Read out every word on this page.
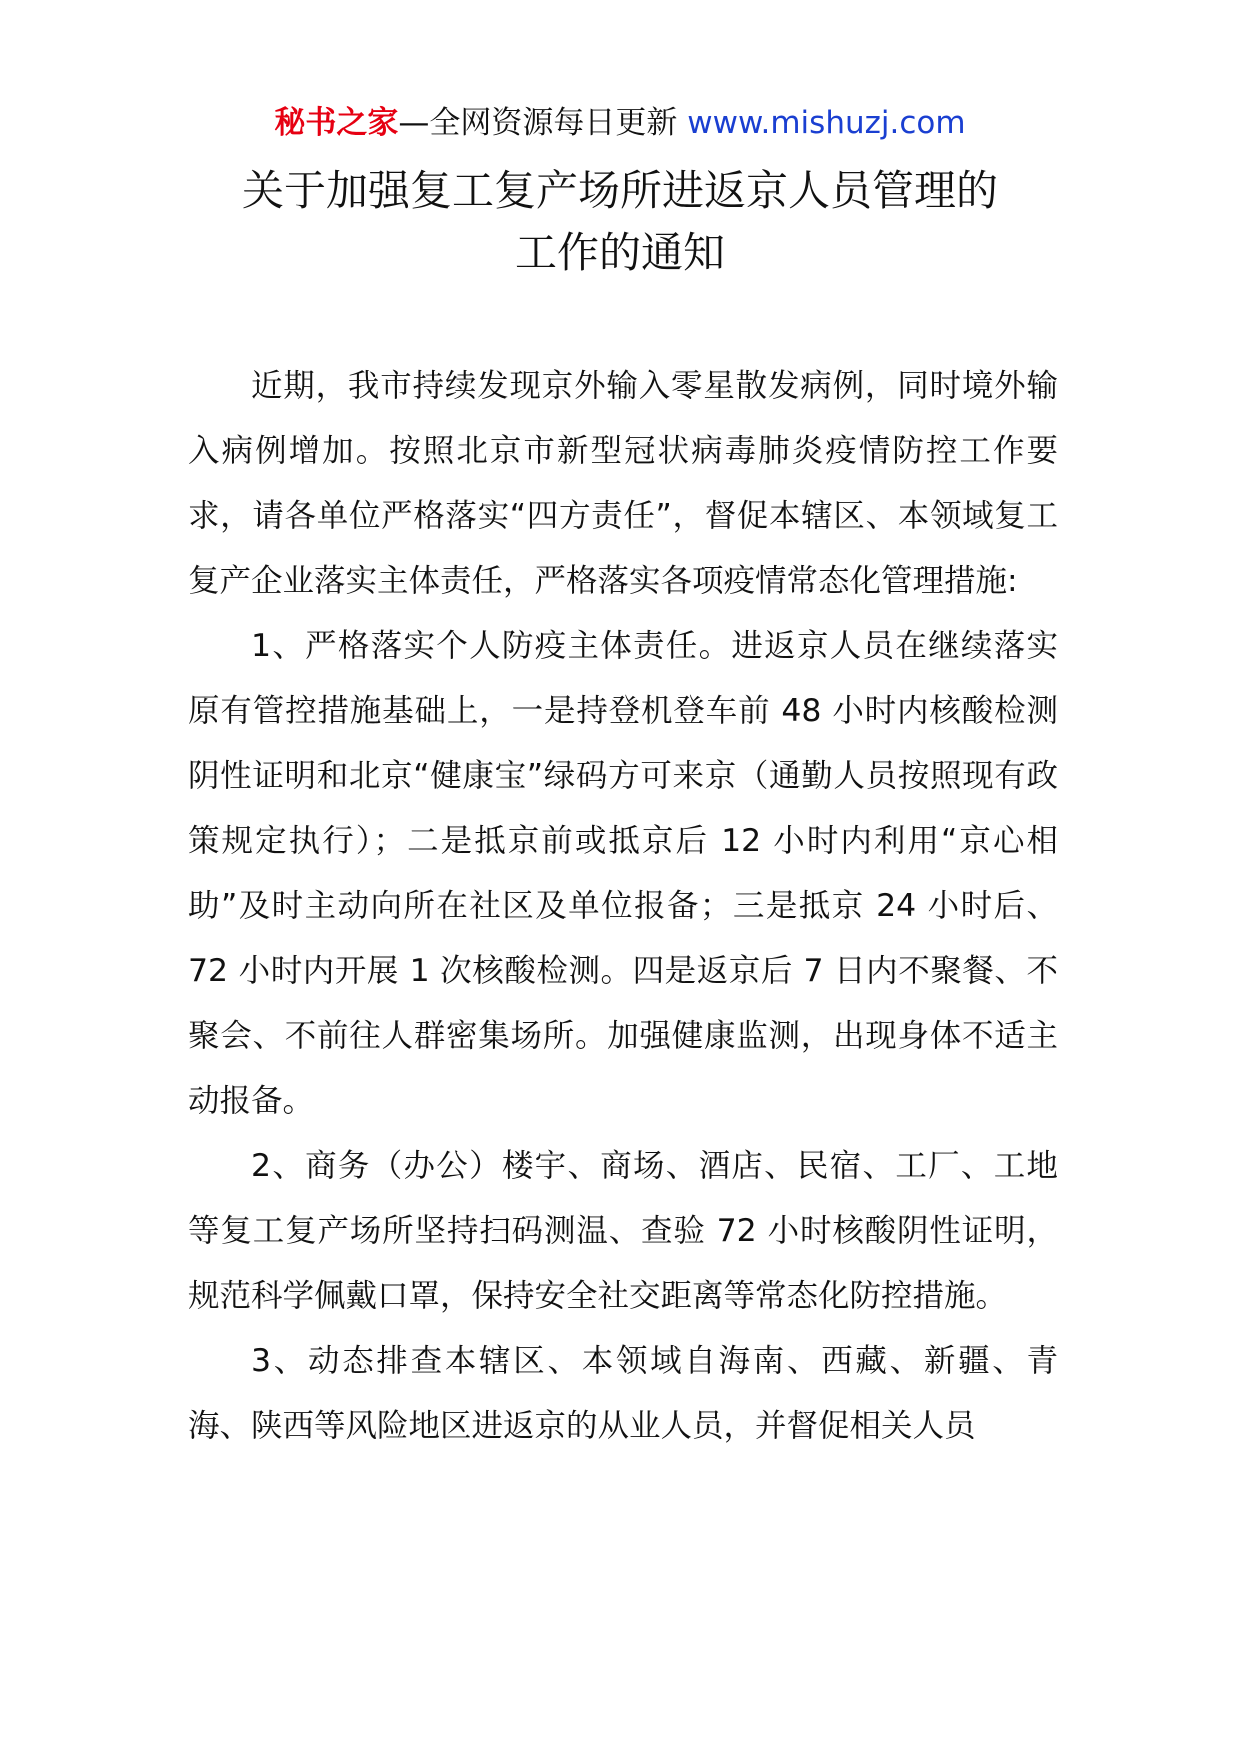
秘书之家—全网资源每日更新 www.mishuzj.com
关于加强复工复产场所进返京人员管理的
工作的通知

近期，我市持续发现京外输入零星散发病例，同时境外输入病例增加。按照北京市新型冠状病毒肺炎疫情防控工作要求，请各单位严格落实“四方责任”，督促本辖区、本领域复工复产企业落实主体责任，严格落实各项疫情常态化管理措施:

1、严格落实个人防疫主体责任。进返京人员在继续落实原有管控措施基础上，一是持登机登车前 48 小时内核酸检测阴性证明和北京“健康宝”绿码方可来京（通勤人员按照现有政策规定执行）；二是抵京前或抵京后 12 小时内利用“京心相助”及时主动向所在社区及单位报备；三是抵京 24 小时后、72 小时内开展 1 次核酸检测。四是返京后 7 日内不聚餐、不聚会、不前往人群密集场所。加强健康监测，出现身体不适主动报备。

2、商务（办公）楼宇、商场、酒店、民宿、工厂、工地等复工复产场所坚持扫码测温、查验 72 小时核酸阴性证明，规范科学佩戴口罩，保持安全社交距离等常态化防控措施。

3、动态排查本辖区、本领域自海南、西藏、新疆、青海、陕西等风险地区进返京的从业人员，并督促相关人员
